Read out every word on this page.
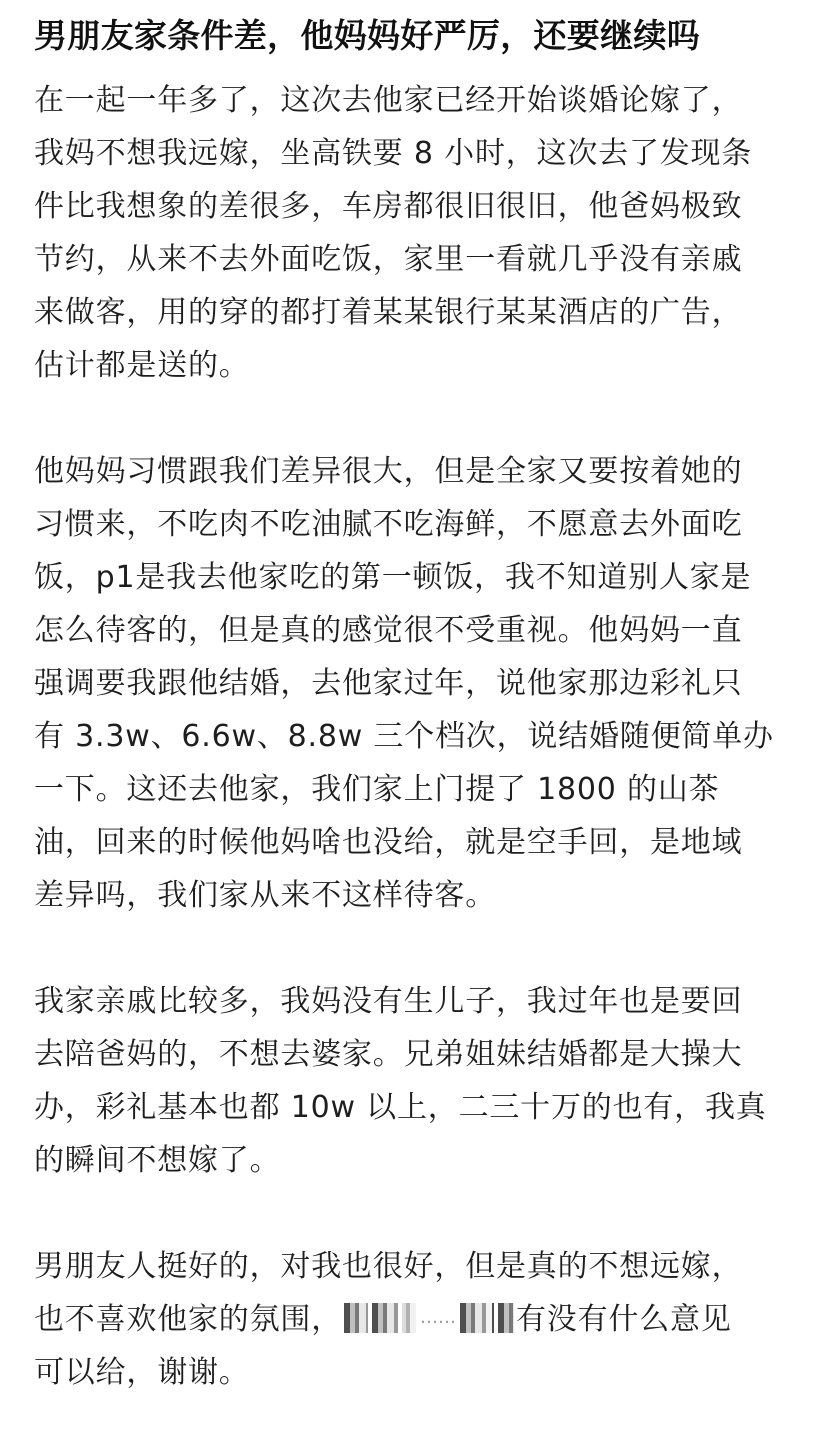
男朋友家条件差，他妈妈好严厉，还要继续吗
在一起一年多了，这次去他家已经开始谈婚论嫁了，
我妈不想我远嫁，坐高铁要 8 小时，这次去了发现条
件比我想象的差很多，车房都很旧很旧，他爸妈极致
节约，从来不去外面吃饭，家里一看就几乎没有亲戚
来做客，用的穿的都打着某某银行某某酒店的广告，
估计都是送的。
他妈妈习惯跟我们差异很大，但是全家又要按着她的
习惯来，不吃肉不吃油腻不吃海鲜，不愿意去外面吃
饭，p1是我去他家吃的第一顿饭，我不知道别人家是
怎么待客的，但是真的感觉很不受重视。他妈妈一直
强调要我跟他结婚，去他家过年，说他家那边彩礼只
有 3.3w、6.6w、8.8w 三个档次，说结婚随便简单办
一下。这还去他家，我们家上门提了 1800 的山茶
油，回来的时候他妈啥也没给，就是空手回，是地域
差异吗，我们家从来不这样待客。
我家亲戚比较多，我妈没有生儿子，我过年也是要回
去陪爸妈的，不想去婆家。兄弟姐妹结婚都是大操大
办，彩礼基本也都 10w 以上，二三十万的也有，我真
的瞬间不想嫁了。
男朋友人挺好的，对我也很好，但是真的不想远嫁，
也不喜欢他家的氛围，	…… 有没有什么意见
可以给，谢谢。
